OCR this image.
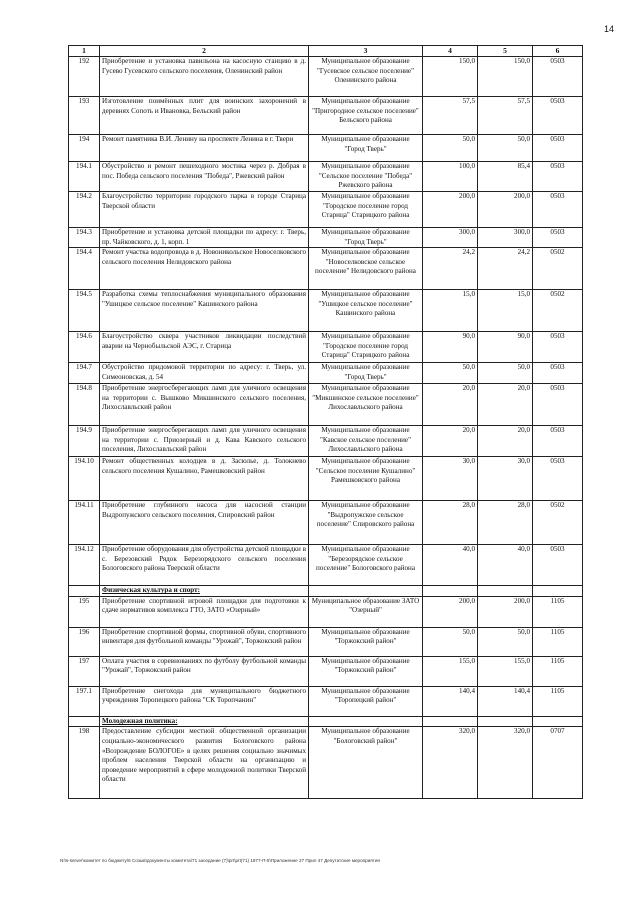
14
1	2	3	4	5	6
192	Приобретение и установка павильона на касосную станцию в д. Гусево Гусевского сельского поселения, Оленинский район	Муниципальное образование "Гусевское сельское поселение" Оленинского района	150,0	150,0	0503
193	Изготовление поимённых плит для воинских захоронений в деревнях Сопоть и Ивановка, Бельский район	Муниципальное образование "Пригородное сельское поселение" Бельского района	57,5	57,5	0503
194	Ремонт памятника В.И. Ленину на проспекте Ленина в г. Твери	Муниципальное образование "Город Тверь"	50,0	50,0	0503
194.1	Обустройство и ремонт пешеходного мостика через р. Добрая в пос. Победа сельского поселения "Победа", Ржевский район	Муниципальное образование "Сельское поселение "Победа" Ржевского района	100,0	85,4	0503
194.2	Благоустройство территории городского парка в городе Старица Тверской области	Муниципальное образование "Городское поселение город Старица" Старицкого района	200,0	200,0	0503
194.3	Приобретение и установка детской площадки по адресу: г. Тверь, пр. Чайковского, д. 1, корп. 1	Муниципальное образование "Город Тверь"	300,0	300,0	0503
194.4	Ремонт участка водопровода в д. Новоникольское Новоселковского сельского поселения Нелидовского района	Муниципальное образование "Новоселковское сельское поселение" Нелидовского района	24,2	24,2	0502
194.5	Разработка схемы теплоснабжения муниципального образования "Ушицкое сельское поселение" Кашинского района	Муниципальное образование "Ушицкое сельское поселение" Кашинского района	15,0	15,0	0502
194.6	Благоустройство сквера участников ликвидации последствий аварии на Чернобыльской АЭС, г. Старица	Муниципальное образование "Городское поселение город Старица" Старицкого района	90,0	90,0	0503
194.7	Обустройство придомовой территории по адресу: г. Тверь, ул. Симеоновская, д. 54	Муниципальное образование "Город Тверь"	50,0	50,0	0503
194.8	Приобретение энергосберегающих ламп для уличного освещения на территории с. Вышково Микшинского сельского поселения, Лихославльский район	Муниципальное образование "Микшинское сельское поселение" Лихославльского района	20,0	20,0	0503
194.9	Приобретение энергосберегающих ламп для уличного освещения на территории с. Приозерный и д. Кава Кавского сельского поселения, Лихославльский район	Муниципальное образование "Кавское сельское поселение" Лихославльского района	20,0	20,0	0503
194.10	Ремонт общественных колодцев в д. Засюлье, д. Толокнево сельского поселения Кушалино, Рамешковский район	Муниципальное образование "Сельское поселение Кушалино" Рамешковского района	30,0	30,0	0503
194.11	Приобретение глубинного насоса для насосной станции Выдропужского сельского поселения, Спировский район	Муниципальное образование "Выдропужское сельское поселение" Спировского района	28,0	28,0	0502
194.12	Приобретение оборудования для обустройства детской площадки в с. Березовский Рядок Березорядского сельского поселения Бологовского района Тверской области	Муниципальное образование "Березорядское сельское поселение" Бологовского района	40,0	40,0	0503
	Физическая культура и спорт:				
195	Приобретение спортивной игровой площадки для подготовки к сдаче нормативов комплекса ГТО, ЗАТО «Озерный»	Муниципальное образование ЗАТО "Озерный"	200,0	200,0	1105
196	Приобретение спортивной формы, спортивной обуви, спортивного инвентаря для футбольной команды "Урожай", Торжокский район	Муниципальное образование "Торжокский район"	50,0	50,0	1105
197	Оплата участия в соревнованиях по футболу футбольной команды "Урожай", Торжокский район	Муниципальное образование "Торжокский район"	155,0	155,0	1105
197.1	Приобретение снегохода для муниципального бюджетного учреждения Торопецкого района "СК Торопчанин"	Муниципальное образование "Торопецкий район"	140,4	140,4	1105
	Молодежная политика:				
198	Предоставление субсидии местной общественной организации социально-экономического развития Бологовского района «Возрождение БОЛОГОЕ» в целях решения социально значимых проблем населения Тверской области на организацию и проведение мероприятий в сфере молодежной политики Тверской области	Муниципальное образование "Бологовский район"	320,0	320,0	0707
N!\s-server\комитет по бюджету\6 Созыв\документы комитета\71 заседание (7)\prt\prt(71) 1877-П-5\Приложение 27 Прил 47 Депутатские мероприятия
